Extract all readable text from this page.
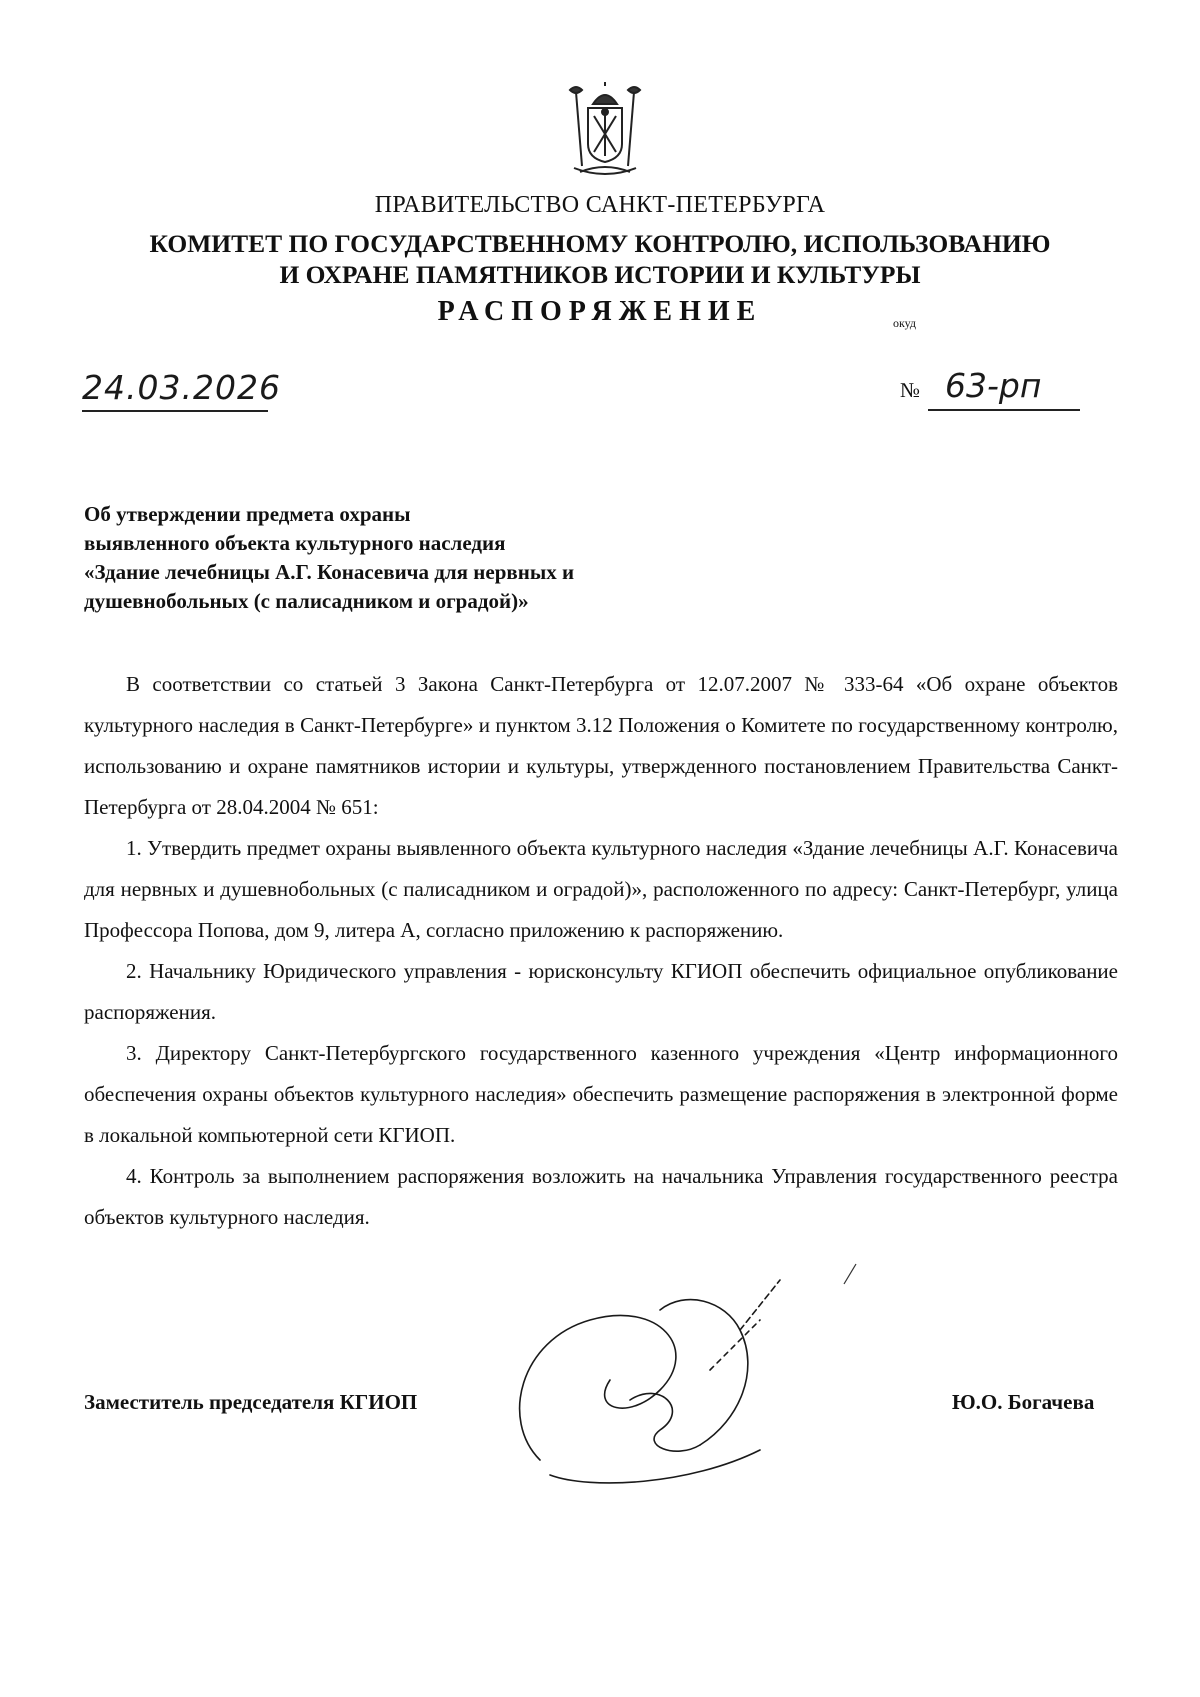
ПРАВИТЕЛЬСТВО САНКТ-ПЕТЕРБУРГА
КОМИТЕТ ПО ГОСУДАРСТВЕННОМУ КОНТРОЛЮ, ИСПОЛЬЗОВАНИЮ
И ОХРАНЕ ПАМЯТНИКОВ ИСТОРИИ И КУЛЬТУРЫ
РАСПОРЯЖЕНИЕ	окуд
24.03.2026	№ 63-рп
Об утверждении предмета охраны
выявленного объекта культурного наследия
«Здание лечебницы А.Г. Конасевича для нервных и
душевнобольных (с палисадником и оградой)»

В соответствии со статьей 3 Закона Санкт-Петербурга от 12.07.2007 № 333-64 «Об охране объектов культурного наследия в Санкт-Петербурге» и пунктом 3.12 Положения о Комитете по государственному контролю, использованию и охране памятников истории и культуры, утвержденного постановлением Правительства Санкт-Петербурга от 28.04.2004 № 651:

1. Утвердить предмет охраны выявленного объекта культурного наследия «Здание лечебницы А.Г. Конасевича для нервных и душевнобольных (с палисадником и оградой)», расположенного по адресу: Санкт-Петербург, улица Профессора Попова, дом 9, литера А, согласно приложению к распоряжению.

2. Начальнику Юридического управления - юрисконсульту КГИОП обеспечить официальное опубликование распоряжения.

3. Директору Санкт-Петербургского государственного казенного учреждения «Центр информационного обеспечения охраны объектов культурного наследия» обеспечить размещение распоряжения в электронной форме в локальной компьютерной сети КГИОП.

4. Контроль за выполнением распоряжения возложить на начальника Управления государственного реестра объектов культурного наследия.

Заместитель председателя КГИОП	Ю.О. Богачева
